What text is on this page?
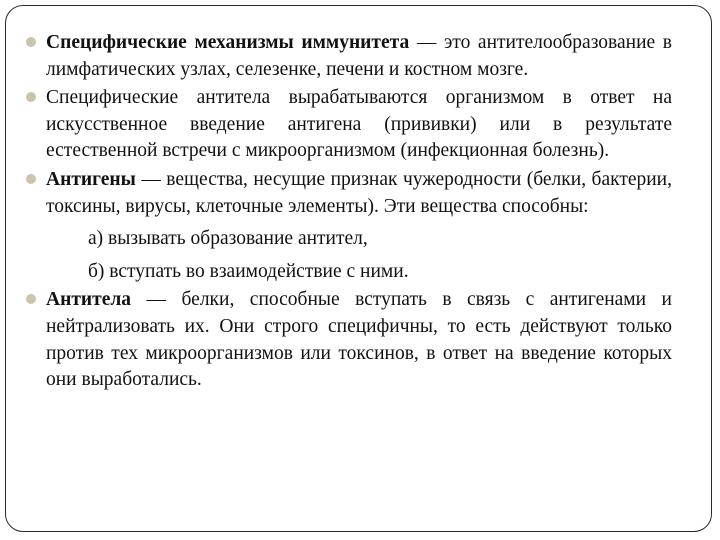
Специфические механизмы иммунитета — это антителообразование в лимфатических узлах, селезенке, печени и костном мозге.
Специфические антитела вырабатываются организмом в ответ на искусственное введение антигена (прививки) или в результате естественной встречи с микроорганизмом (инфекционная болезнь).
Антигены — вещества, несущие признак чужеродности (белки, бактерии, токсины, вирусы, клеточные элементы). Эти вещества способны:
а) вызывать образование антител,
б) вступать во взаимодействие с ними.
Антитела — белки, способные вступать в связь с антигенами и нейтрализовать их. Они строго специфичны, то есть действуют только против тех микроорганизмов или токсинов, в ответ на введение которых они выработались.
